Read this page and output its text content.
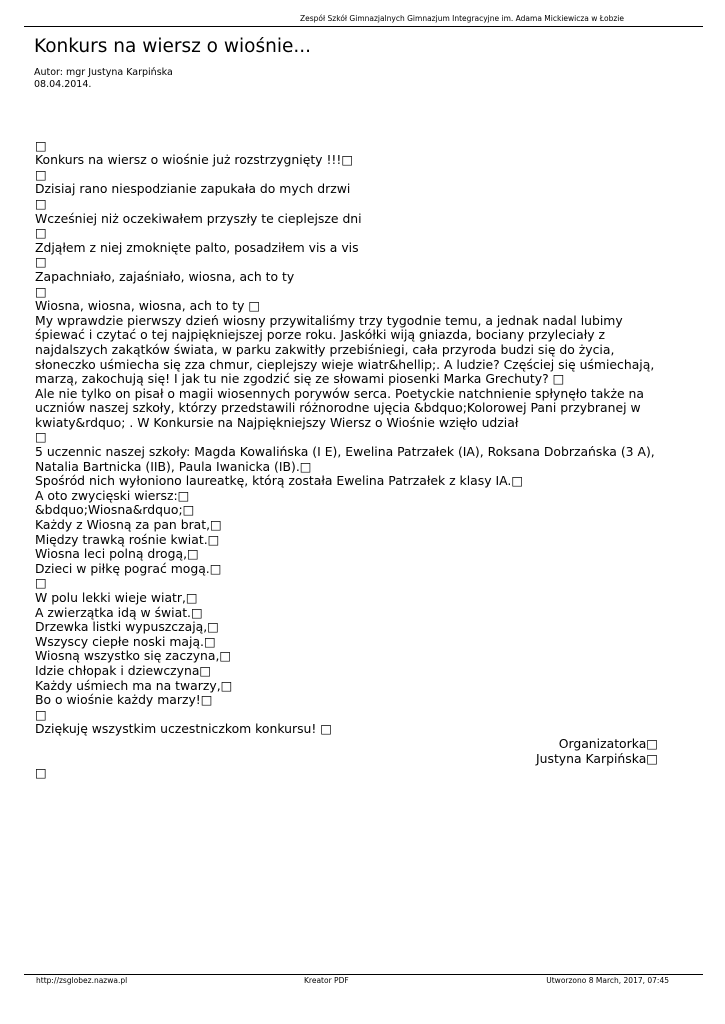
Zespół Szkół Gimnazjalnych Gimnazjum Integracyjne im. Adama Mickiewicza w Łobzie
Konkurs na wiersz o wiośnie...
Autor: mgr Justyna Karpińska
08.04.2014.
□
Konkurs na wiersz o wiośnie już rozstrzygnięty !!!□
□
Dzisiaj rano niespodzianie zapukała do mych drzwi
□
Wcześniej niż oczekiwałem przyszły te cieplejsze dni
□
Zdjąłem z niej zmoknięte palto, posadziłem vis a vis
□
Zapachniało, zajaśniało, wiosna, ach to ty
□
Wiosna, wiosna, wiosna, ach to ty □
My wprawdzie pierwszy dzień wiosny przywitaliśmy trzy tygodnie temu, a jednak nadal lubimy śpiewać i czytać o tej najpiękniejszej porze roku. Jaskółki wiją gniazda, bociany przyleciały z najdalszych zakątków świata, w parku zakwitły przebiśniegi, cała przyroda budzi się do życia, słoneczko uśmiecha się zza chmur, cieplejszy wieje wiatr&hellip;. A ludzie? Częściej się uśmiechają, marzą, zakochują się! I jak tu nie zgodzić się ze słowami piosenki Marka Grechuty? □
Ale nie tylko on pisał o magii wiosennych porywów serca. Poetyckie natchnienie spłynęło także na uczniów naszej szkoły, którzy przedstawili różnorodne ujęcia &bdquo;Kolorowej Pani przybranej w kwiaty&rdquo; . W Konkursie na Najpiękniejszy Wiersz o Wiośnie wzięło udział
□
5 uczennic naszej szkoły: Magda Kowalińska (I E), Ewelina Patrzałek (IA), Roksana Dobrzańska (3 A), Natalia Bartnicka (IIB), Paula Iwanicka (IB).□
Spośród nich wyłoniono laureatkę, którą została Ewelina Patrzałek z klasy IA.□
A oto zwycięski wiersz:□
&bdquo;Wiosna&rdquo;□
Każdy z Wiosną za pan brat,□
Między trawką rośnie kwiat.□
Wiosna leci polną drogą,□
Dzieci w piłkę pograć mogą.□
□
W polu lekki wieje wiatr,□
A zwierzątka idą w świat.□
Drzewka listki wypuszczają,□
Wszyscy ciepłe noski mają.□
Wiosną wszystko się zaczyna,□
Idzie chłopak i dziewczyna□
Każdy uśmiech ma na twarzy,□
Bo o wiośnie każdy marzy!□
□
Dziękuję wszystkim uczestniczkom konkursu! □
Organizatorka□
Justyna Karpińska□
□
http://zsglobez.nazwa.pl	Kreator PDF	Utworzono 8 March, 2017, 07:45
